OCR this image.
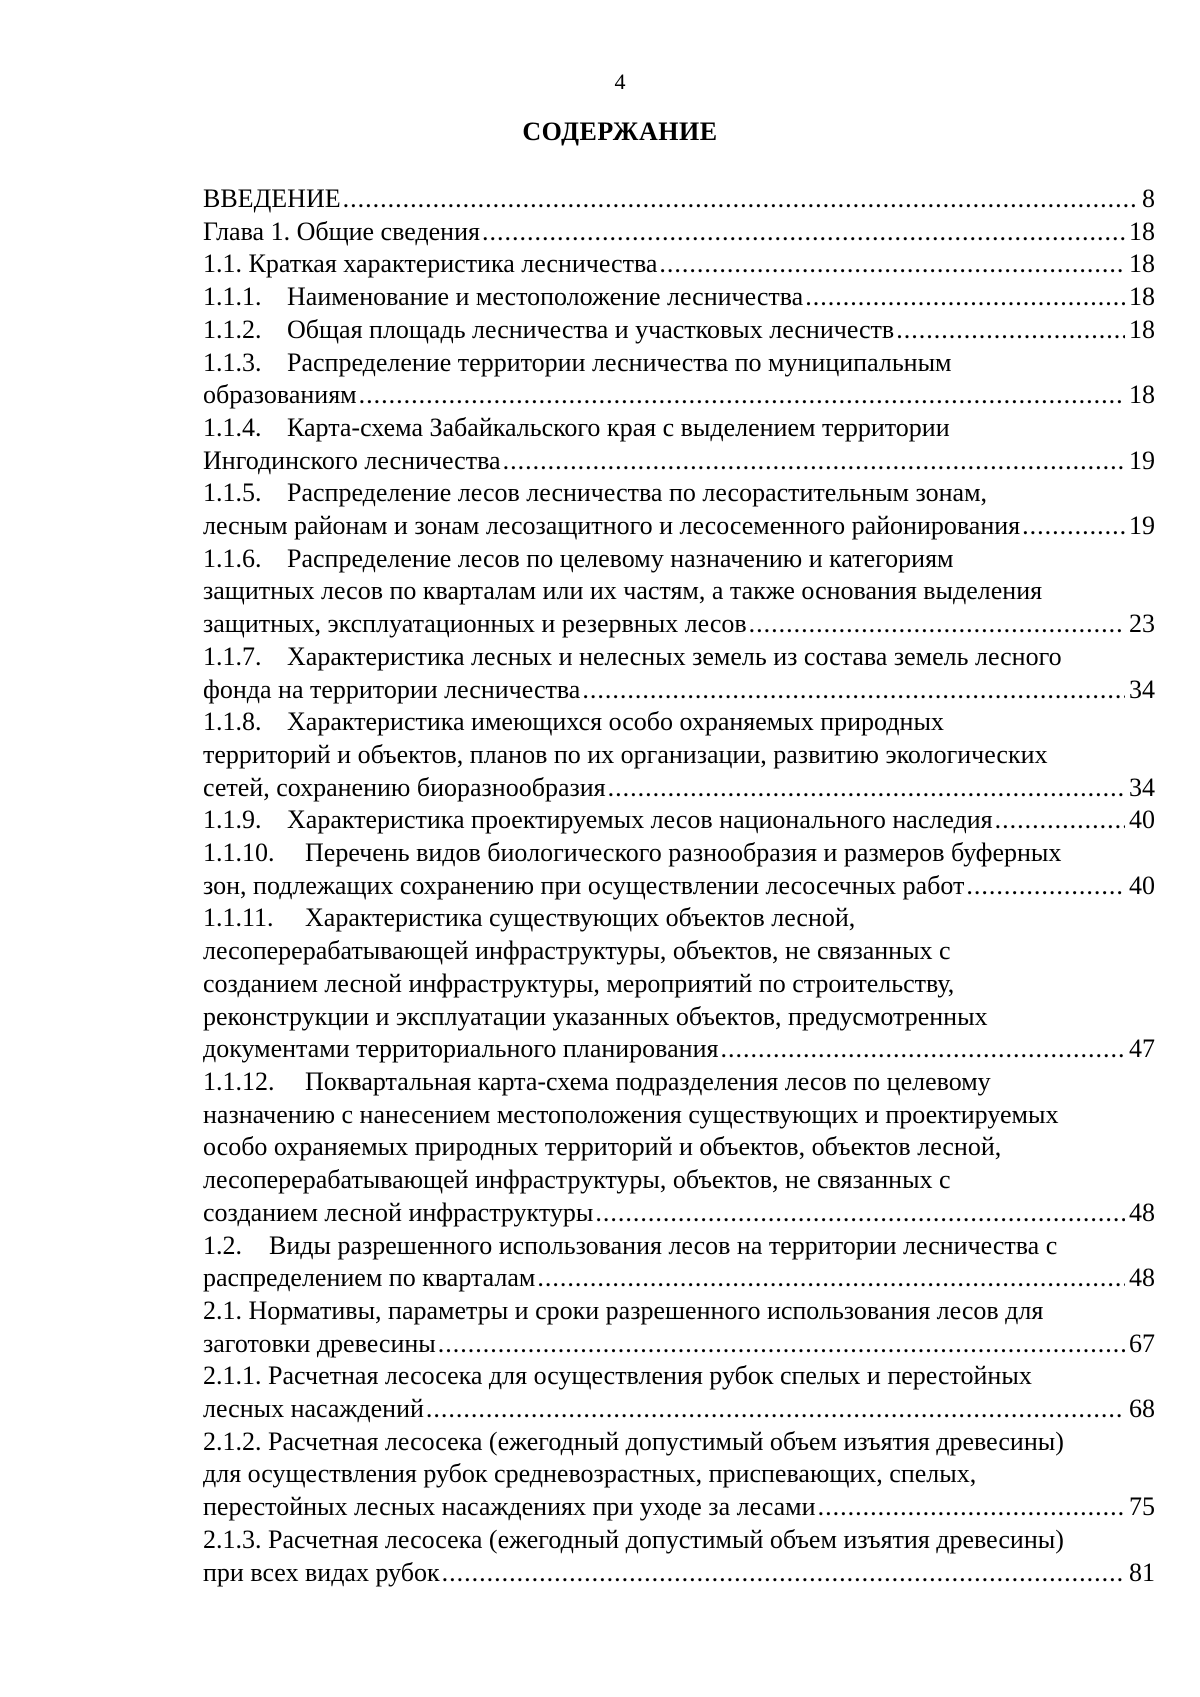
4
СОДЕРЖАНИЕ
ВВЕДЕНИЕ .....	8
Глава 1. Общие сведения .....	18
1.1. Краткая характеристика лесничества .....	18
1.1.1. Наименование и местоположение лесничества .....	18
1.1.2. Общая площадь лесничества и участковых лесничеств .....	18
1.1.3. Распределение территории лесничества по муниципальным
образованиям .....	18
1.1.4. Карта-схема Забайкальского края с выделением территории
Ингодинского лесничества .....	19
1.1.5. Распределение лесов лесничества по лесорастительным зонам,
лесным районам и зонам лесозащитного и лесосеменного районирования .....	19
1.1.6. Распределение лесов по целевому назначению и категориям
защитных лесов по кварталам или их частям, а также основания выделения
защитных, эксплуатационных и резервных лесов .....	23
1.1.7. Характеристика лесных и нелесных земель из состава земель лесного
фонда на территории лесничества .....	34
1.1.8. Характеристика имеющихся особо охраняемых природных
территорий и объектов, планов по их организации, развитию экологических
сетей, сохранению биоразнообразия .....	34
1.1.9. Характеристика проектируемых лесов национального наследия .....	40
1.1.10. Перечень видов биологического разнообразия и размеров буферных
зон, подлежащих сохранению при осуществлении лесосечных работ .....	40
1.1.11. Характеристика существующих объектов лесной,
лесоперерабатывающей инфраструктуры, объектов, не связанных с
созданием лесной инфраструктуры, мероприятий по строительству,
реконструкции и эксплуатации указанных объектов, предусмотренных
документами территориального планирования .....	47
1.1.12. Поквартальная карта-схема подразделения лесов по целевому
назначению с нанесением местоположения существующих и проектируемых
особо охраняемых природных территорий и объектов, объектов лесной,
лесоперерабатывающей инфраструктуры, объектов, не связанных с
созданием лесной инфраструктуры .....	48
1.2. Виды разрешенного использования лесов на территории лесничества с
распределением по кварталам .....	48
2.1. Нормативы, параметры и сроки разрешенного использования лесов для
заготовки древесины .....	67
2.1.1. Расчетная лесосека для осуществления рубок спелых и перестойных
лесных насаждений .....	68
2.1.2. Расчетная лесосека (ежегодный допустимый объем изъятия древесины)
для осуществления рубок средневозрастных, приспевающих, спелых,
перестойных лесных насаждениях при уходе за лесами .....	75
2.1.3. Расчетная лесосека (ежегодный допустимый объем изъятия древесины)
при всех видах рубок .....	81
